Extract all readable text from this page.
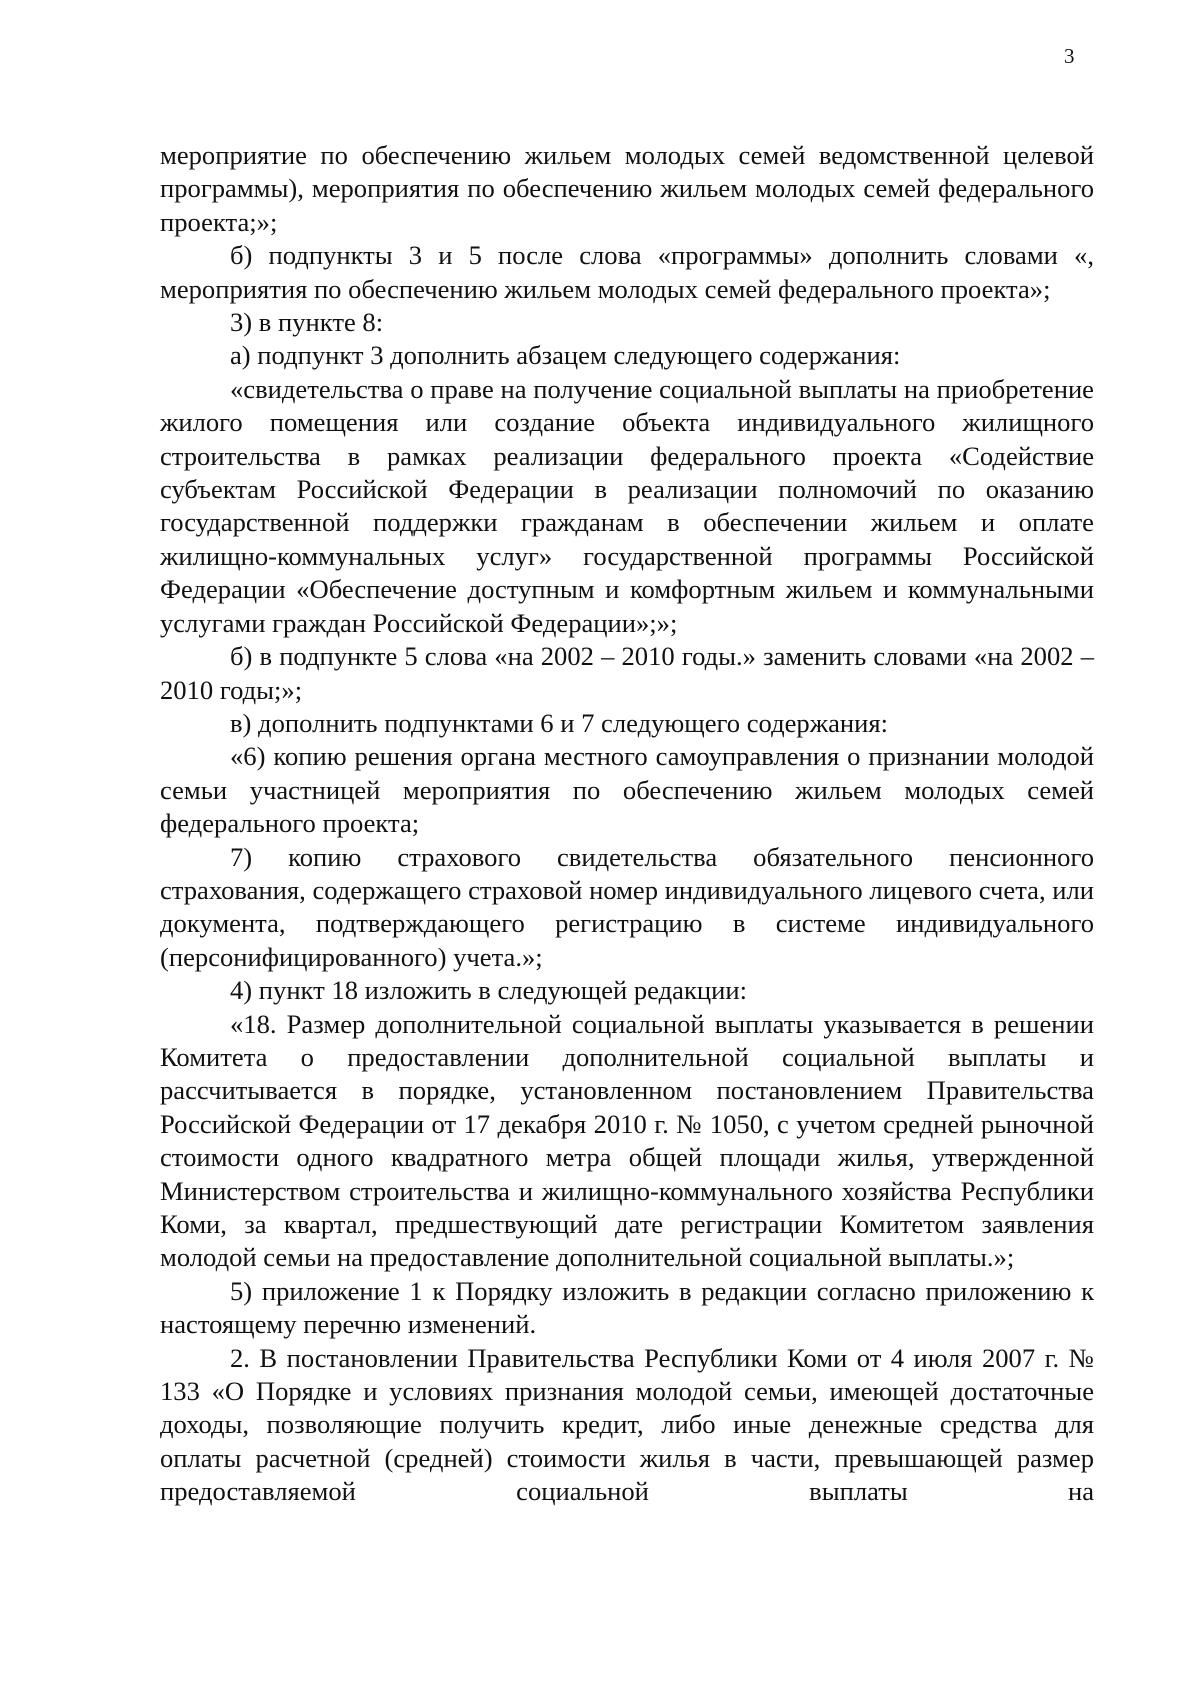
3

мероприятие по обеспечению жильем молодых семей ведомственной целевой программы), мероприятия по обеспечению жильем молодых семей федерального проекта;»;

б) подпункты 3 и 5 после слова «программы» дополнить словами «, мероприятия по обеспечению жильем молодых семей федерального проекта»;

3) в пункте 8:

а) подпункт 3 дополнить абзацем следующего содержания:

«свидетельства о праве на получение социальной выплаты на приобретение жилого помещения или создание объекта индивидуального жилищного строительства в рамках реализации федерального проекта «Содействие субъектам Российской Федерации в реализации полномочий по оказанию государственной поддержки гражданам в обеспечении жильем и оплате жилищно-коммунальных услуг» государственной программы Российской Федерации «Обеспечение доступным и комфортным жильем и коммунальными услугами граждан Российской Федерации»;»;

б) в подпункте 5 слова «на 2002 – 2010 годы.» заменить словами «на 2002 – 2010 годы;»;

в) дополнить подпунктами 6 и 7 следующего содержания:

«6) копию решения органа местного самоуправления о признании молодой семьи участницей мероприятия по обеспечению жильем молодых семей федерального проекта;

7) копию страхового свидетельства обязательного пенсионного страхования, содержащего страховой номер индивидуального лицевого счета, или документа, подтверждающего регистрацию в системе индивидуального (персонифицированного) учета.»;

4) пункт 18 изложить в следующей редакции:

«18. Размер дополнительной социальной выплаты указывается в решении Комитета о предоставлении дополнительной социальной выплаты и рассчитывается в порядке, установленном постановлением Правительства Российской Федерации от 17 декабря 2010 г. № 1050, с учетом средней рыночной стоимости одного квадратного метра общей площади жилья, утвержденной Министерством строительства и жилищно-коммунального хозяйства Республики Коми, за квартал, предшествующий дате регистрации Комитетом заявления молодой семьи на предоставление дополнительной социальной выплаты.»;

5) приложение 1 к Порядку изложить в редакции согласно приложению к настоящему перечню изменений.

2. В постановлении Правительства Республики Коми от 4 июля 2007 г. № 133 «О Порядке и условиях признания молодой семьи, имеющей достаточные доходы, позволяющие получить кредит, либо иные денежные средства для оплаты расчетной (средней) стоимости жилья в части, превышающей размер предоставляемой социальной выплаты на
